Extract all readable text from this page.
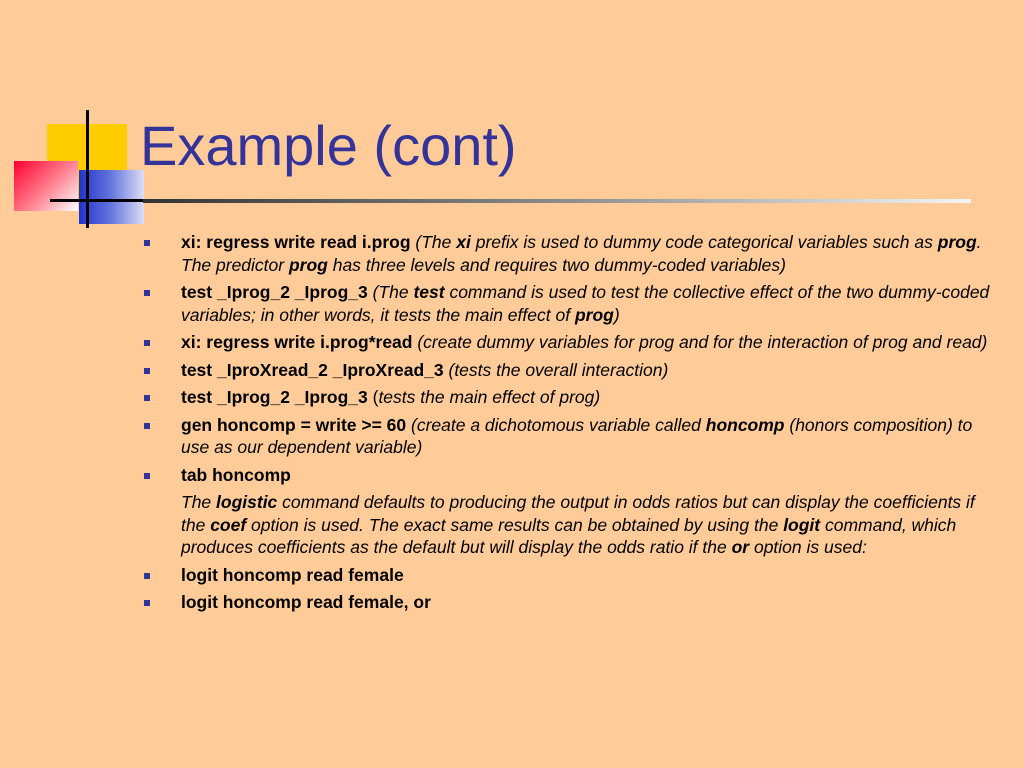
Example (cont)
xi: regress write read i.prog (The xi prefix is used to dummy code categorical variables such as prog. The predictor prog has three levels and requires two dummy-coded variables)
test _Iprog_2 _Iprog_3 (The test command is used to test the collective effect of the two dummy-coded variables; in other words, it tests the main effect of prog)
xi: regress write i.prog*read (create dummy variables for prog and for the interaction of prog and read)
test _IproXread_2 _IproXread_3 (tests the overall interaction)
test _Iprog_2 _Iprog_3 (tests the main effect of prog)
gen honcomp = write >= 60 (create a dichotomous variable called honcomp (honors composition) to use as our dependent variable)
tab honcomp
The logistic command defaults to producing the output in odds ratios but can display the coefficients if the coef option is used. The exact same results can be obtained by using the logit command, which produces coefficients as the default but will display the odds ratio if the or option is used:
logit honcomp read female
logit honcomp read female, or
